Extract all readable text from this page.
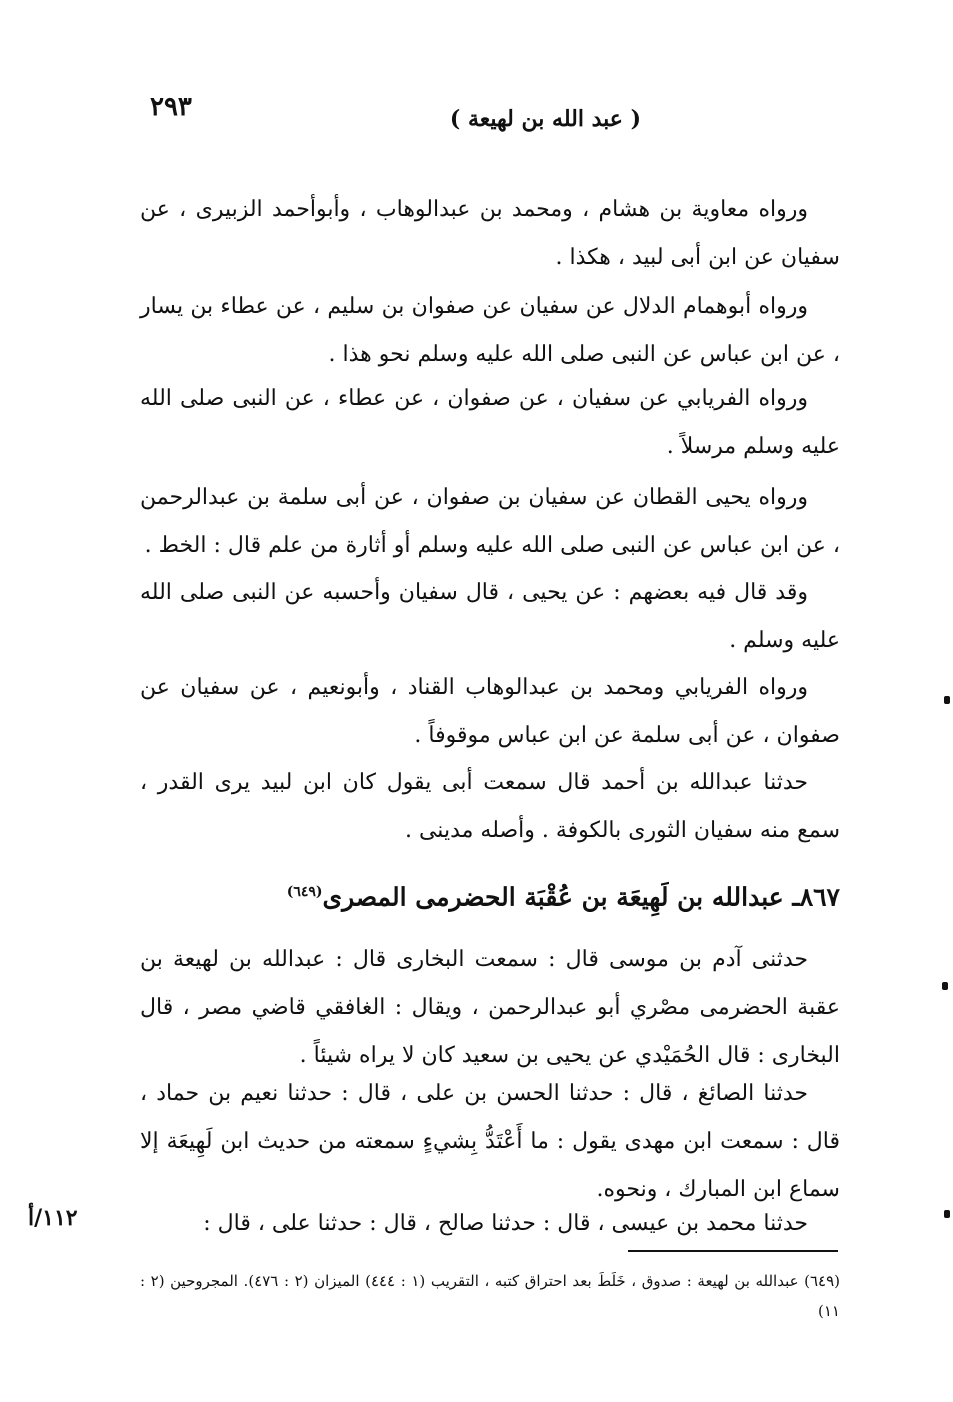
٢٩٣	( عبد الله بن لهيعة )

ورواه معاوية بن هشام ، ومحمد بن عبدالوهاب ، وأبوأحمد الزبيرى ، عن سفيان عن ابن أبى لبيد ، هكذا .

ورواه أبوهمام الدلال عن سفيان عن صفوان بن سليم ، عن عطاء بن يسار ، عن ابن عباس عن النبى صلى الله عليه وسلم نحو هذا .

ورواه الفريابي عن سفيان ، عن صفوان ، عن عطاء ، عن النبى صلى الله عليه وسلم مرسلاً .

ورواه يحيى القطان عن سفيان بن صفوان ، عن أبى سلمة بن عبدالرحمن ، عن ابن عباس عن النبى صلى الله عليه وسلم أو أثارة من علم قال : الخط .

وقد قال فيه بعضهم : عن يحيى ، قال سفيان وأحسبه عن النبى صلى الله عليه وسلم .

ورواه الفريابي ومحمد بن عبدالوهاب القناد ، وأبونعيم ، عن سفيان عن صفوان ، عن أبى سلمة عن ابن عباس موقوفاً .

حدثنا عبدالله بن أحمد قال سمعت أبى يقول كان ابن لبيد يرى القدر ، سمع منه سفيان الثورى بالكوفة . وأصله مدينى .

حدثنى آدم بن موسى قال : سمعت البخارى قال : عبدالله بن لهيعة بن عقبة الحضرمى مصْري أبو عبدالرحمن ، ويقال : الغافقي قاضي مصر ، قال البخارى : قال الحُمَيْدي عن يحيى بن سعيد كان لا يراه شيئاً .

حدثنا الصائغ ، قال : حدثنا الحسن بن على ، قال : حدثنا نعيم بن حماد ، قال : سمعت ابن مهدى يقول : ما أَعْتَدُّ بِشيءٍ سمعته من حديث ابن لَهِيعَة إلا سماع ابن المبارك ، ونحوه.

حدثنا محمد بن عيسى ، قال : حدثنا صالح ، قال : حدثنا على ، قال :

٨٦٧ـ عبدالله بن لَهِيعَة بن عُقْبَة الحضرمى المصرى$^{(٦٤٩)}$
١١٢/أ
(٦٤٩) عبدالله بن لهيعة : صدوق ، خَلَطَ بعد احتراق كتبه ، التقريب (١ : ٤٤٤) الميزان (٢ : ٤٧٦). المجروحين (٢ : ١١)
